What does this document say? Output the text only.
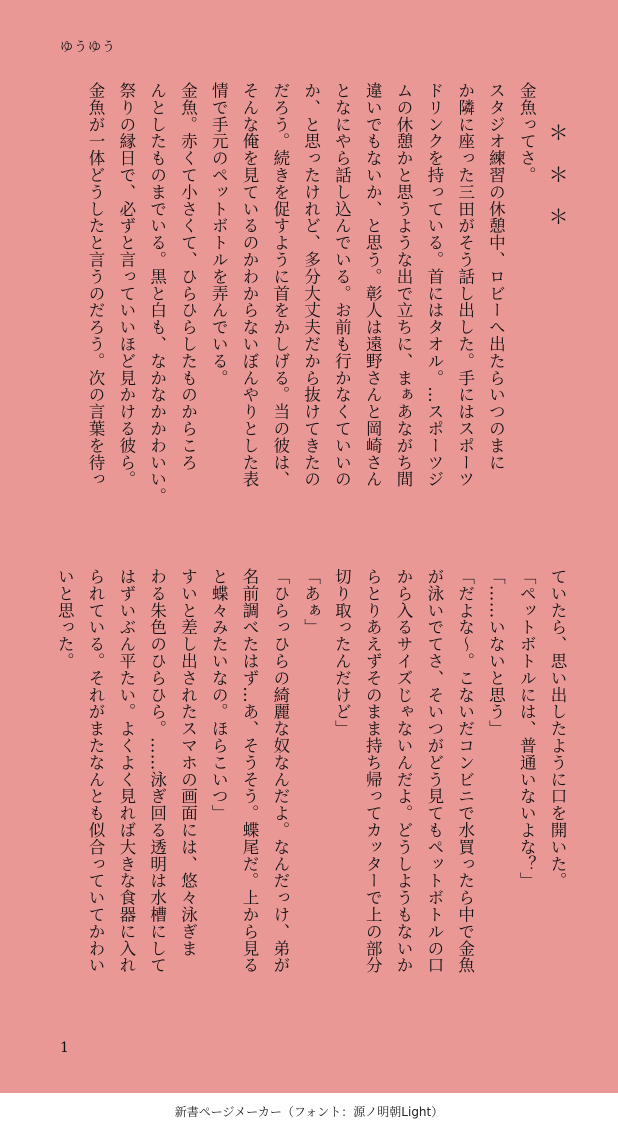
ゆうゆう
＊＊＊
金魚ってさ。
スタジオ練習の休憩中、ロビーへ出たらいつのまに
か隣に座った三田がそう話し出した。手にはスポーツ
ドリンクを持っている。首にはタオル。…スポーツジ
ムの休憩かと思うような出で立ちに、まぁあながち間
違いでもないか、と思う。彰人は遠野さんと岡崎さん
となにやら話し込んでいる。お前も行かなくていいの
か、と思ったけれど、多分大丈夫だから抜けてきたの
だろう。続きを促すように首をかしげる。当の彼は、
そんな俺を見ているのかわからないぼんやりとした表
情で手元のペットボトルを弄んでいる。
金魚。赤くて小さくて、ひらひらしたものからころ
んとしたものまでいる。黒と白も、なかなかかわいい。
祭りの縁日で、必ずと言っていいほど見かける彼ら。
金魚が一体どうしたと言うのだろう。次の言葉を待っ
ていたら、思い出したように口を開いた。
「ペットボトルには、普通いないよな？」
「……いないと思う」
「だよな〜。こないだコンビニで水買ったら中で金魚
が泳いでてさ、そいつがどう見てもペットボトルの口
から入るサイズじゃないんだよ。どうしようもないか
らとりあえずそのまま持ち帰ってカッターで上の部分
切り取ったんだけど」
「あぁ」
「ひらっひらの綺麗な奴なんだよ。なんだっけ、弟が
名前調べたはず…あ、そうそう。蝶尾だ。上から見る
と蝶々みたいなの。ほらこいつ」
すいと差し出されたスマホの画面には、悠々泳ぎま
わる朱色のひらひら。……泳ぎ回る透明は水槽にして
はずいぶん平たい。よくよく見れば大きな食器に入れ
られている。それがまたなんとも似合っていてかわい
いと思った。
1
新書ページメーカー（フォント：源ノ明朝Light）
